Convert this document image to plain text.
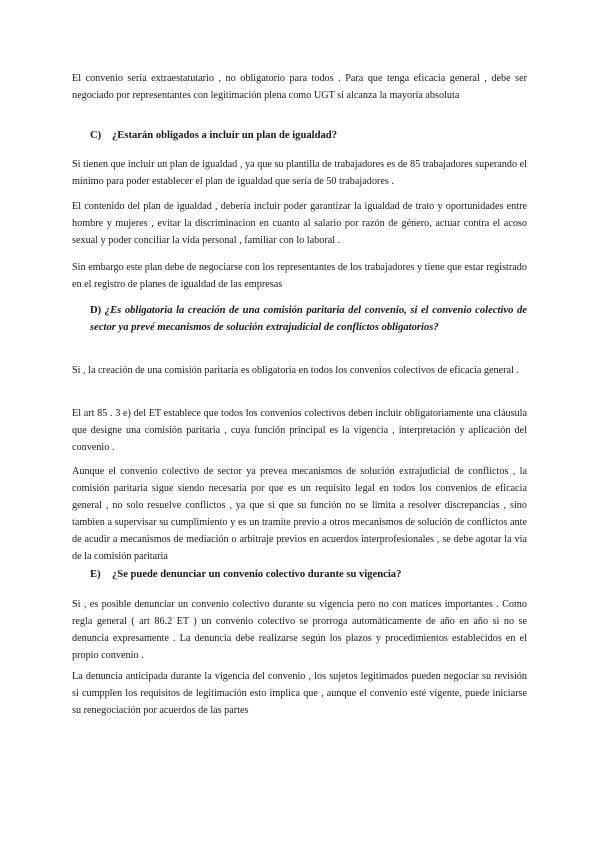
El convenio sería extraestatutario , no obligatorio para todos . Para que tenga eficacia general , debe ser negociado por representantes con legitimación plena como UGT si alcanza la mayoría absoluta

C) ¿Estarán obligados a incluir un plan de igualdad?

Si tienen que incluir un plan de igualdad , ya que su plantilla de trabajadores es de 85 trabajadores superando el mínimo para poder establecer el plan de igualdad que sería de 50 trabajadores .

El contenido del plan de igualdad , debería incluir poder garantizar la igualdad de trato y oportunidades entre hombre y mujeres , evitar la discriminacion en cuanto al salario por razón de género, actuar contra el acoso sexual y poder conciliar la vida personal , familiar con lo laboral .

Sin embargo este plan debe de negociarse con los representantes de los trabajadores y tiene que estar registrado en el registro de planes de igualdad de las empresas

D) ¿Es obligatoria la creación de una comisión paritaria del convenio, si el convenio colectivo de sector ya prevé mecanismos de solución extrajudicial de conflictos obligatorios?

Si , la creación de una comisión paritaria es obligatoria en todos los convenios colectivos de eficacia general .

El art 85 . 3 e) del ET establece que todos los convenios colectivos deben incluir obligatoriamente una cláusula que designe una comisión paritaria , cuya función principal es la vigencia , interpretación y aplicación del convenio .

Aunque el convenio colectivo de sector ya prevea mecanismos de solución extrajudicial de conflictos , la comisión paritaria sigue siendo necesaria por que es un requisito legal en todos los convenios de eficacia general , no solo resuelve conflictos , ya que si que su función no se limita a resolver discrepancias , sino tambien a supervisar su cumplimiento y es un tramite previo a otros mecanismos de solución de conflictos ante de acudir a mecanismos de mediación o arbitraje previos en acuerdos interprofesionales , se debe agotar la vía de la comisión paritaria

E) ¿Se puede denunciar un convenio colectivo durante su vigencia?

Si , es posible denunciar un convenio colectivo durante su vigencia pero no con matices importantes . Como regla general ( art 86.2 ET ) un convenio colectivo se prorroga automáticamente de año en año si no se denuncia expresamente . La denuncia debe realizarse según los plazos y procedimientos establecidos en el propio convenio .

La denuncia anticipada durante la vigencia del convenio , los sujetos legitimados pueden negociar su revisión si cumpplen los requisitos de legitimación esto implica que , aunque el convenio esté vigente, puede iniciarse su renegociación por acuerdos de las partes
